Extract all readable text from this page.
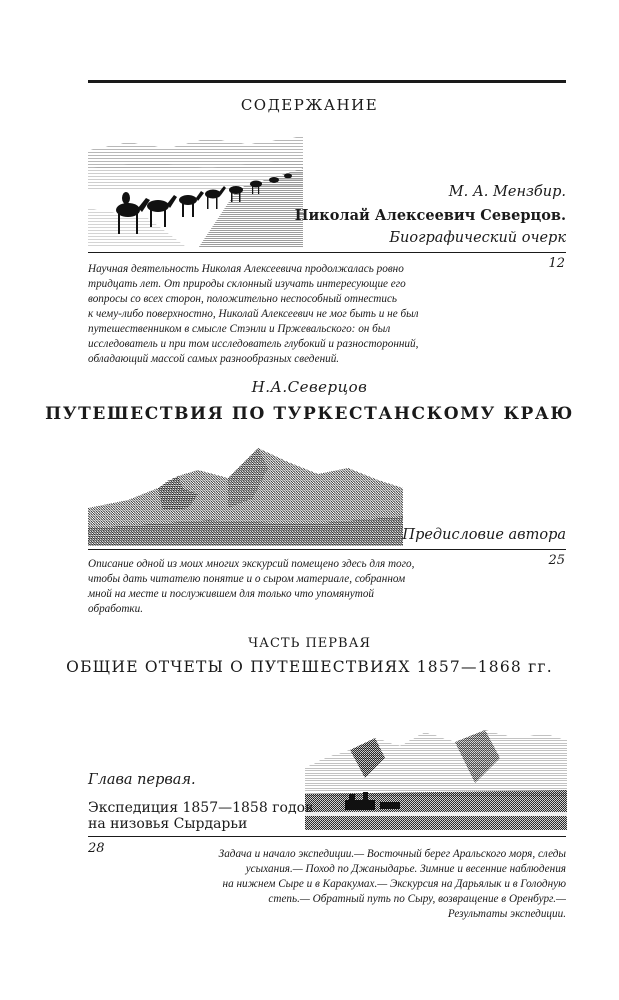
СОДЕРЖАНИЕ
М. А. Мензбир.
Николай Алексеевич Северцов.
Биографический очерк
12
Научная деятельность Николая Алексеевича продолжалась ровно
тридцать лет. От природы склонный изучать интересующие его
вопросы со всех сторон, положительно неспособный отнестись
к чему-либо поверхностно, Николай Алексеевич не мог быть и не был
путешественником в смысле Стэнли и Пржевальского: он был
исследователь и при том исследователь глубокий и разносторонний,
обладающий массой самых разнообразных сведений.
Н.А.Северцов
ПУТЕШЕСТВИЯ ПО ТУРКЕСТАНСКОМУ КРАЮ
Предисловие автора
25
Описание одной из моих многих экскурсий помещено здесь для того,
чтобы дать читателю понятие и о сыром материале, собранном
мной на месте и послужившем для только что упомянутой
обработки.
ЧАСТЬ ПЕРВАЯ
ОБЩИЕ ОТЧЕТЫ О ПУТЕШЕСТВИЯХ 1857—1868 гг.
Глава первая.
Экспедиция 1857—1858 годов
на низовья Сырдарьи
28	Задача и начало экспедиции.— Восточный берег Аральского моря, следы
усыхания.— Поход по Джаныдарье. Зимние и весенние наблюдения
на нижнем Сыре и в Каракумах.— Экскурсия на Дарьялык и в Голодную
степь.— Обратный путь по Сыру, возвращение в Оренбург.—
Результаты экспедиции.
